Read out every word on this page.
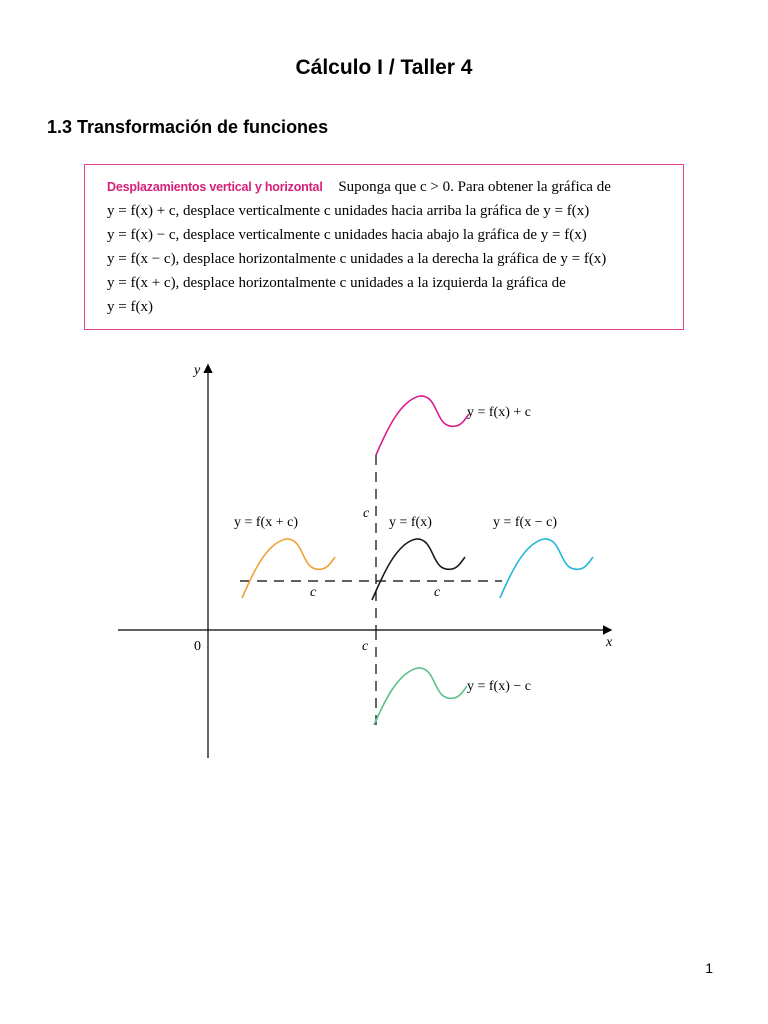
Cálculo I / Taller 4
1.3 Transformación de funciones
Desplazamientos vertical y horizontal Suponga que c > 0. Para obtener la gráfica de
y = f(x) + c, desplace verticalmente c unidades hacia arriba la gráfica de y = f(x)
y = f(x) − c, desplace verticalmente c unidades hacia abajo la gráfica de y = f(x)
y = f(x − c), desplace horizontalmente c unidades a la derecha la gráfica de y = f(x)
y = f(x + c), desplace horizontalmente c unidades a la izquierda la gráfica de
y = f(x)
x
y
0
c
c	c
c
y = f(x) + c
y = f(x + c)	y = f(x)	y = f(x − c)
y = f(x) − c
1
